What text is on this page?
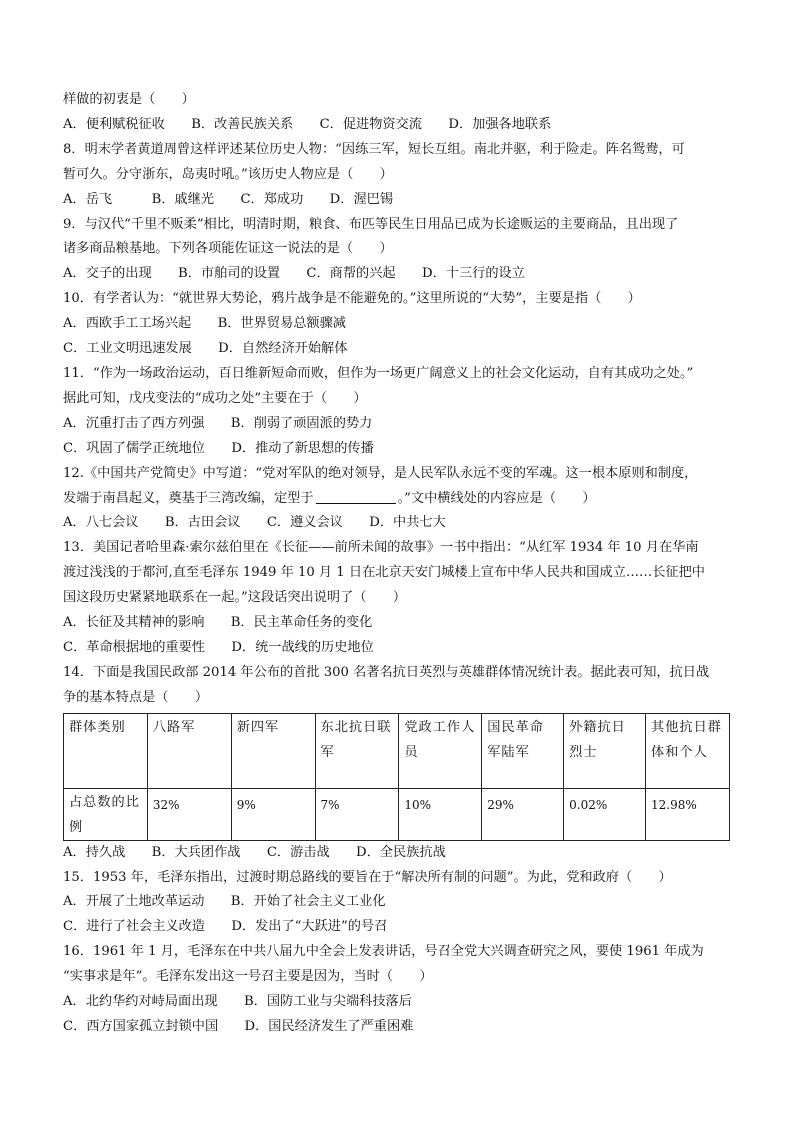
样做的初衷是（　　）
A．便利赋税征收　　B．改善民族关系　　C．促进物资交流　　D．加强各地联系
8．明末学者黄道周曾这样评述某位历史人物：“因练三军，短长互组。南北并驱，利于险走。阵名鸳鸯，可
暂可久。分守浙东，岛夷时吼。”该历史人物应是（　　）
A．岳飞　　　B．戚继光　　C．郑成功　　D．渥巴锡
9．与汉代“千里不贩柔”相比，明清时期，粮食、布匹等民生日用品已成为长途贩运的主要商品，且出现了
诸多商品粮基地。下列各项能佐证这一说法的是（　　）
A．交子的出现　　B．市舶司的设置　　C．商帮的兴起　　D．十三行的设立
10．有学者认为：“就世界大势论，鸦片战争是不能避免的。”这里所说的“大势”，主要是指（　　）
A．西欧手工工场兴起　　B．世界贸易总额骤减
C．工业文明迅速发展　　D．自然经济开始解体
11．“作为一场政治运动，百日维新短命而败，但作为一场更广阔意义上的社会文化运动，自有其成功之处。”
据此可知，戊戌变法的“成功之处”主要在于（　　）
A．沉重打击了西方列强　　B．削弱了顽固派的势力
C．巩固了儒学正统地位　　D．推动了新思想的传播
12.《中国共产党简史》中写道：“党对军队的绝对领导，是人民军队永远不变的军魂。这一根本原则和制度，
发端于南昌起义，奠基于三湾改编，定型于	。”文中横线处的内容应是（　　）
A．八七会议　　B．古田会议　　C．遵义会议　　D．中共七大
13．美国记者哈里森·索尔兹伯里在《长征——前所未闻的故事》一书中指出：“从红军 1934 年 10 月在华南
渡过浅浅的于都河,直至毛泽东 1949 年 10 月 1 日在北京天安门城楼上宣布中华人民共和国成立……长征把中
国这段历史紧紧地联系在一起。”这段话突出说明了（　　）
A．长征及其精神的影响　　B．民主革命任务的变化
C．革命根据地的重要性　　D．统一战线的历史地位
14．下面是我国民政部 2014 年公布的首批 300 名著名抗日英烈与英雄群体情况统计表。据此表可知，抗日战
争的基本特点是（　　）
群体类别	八路军	新四军	东北抗日联军	党政工作人员	国民革命军陆军	外籍抗日烈士	其他抗日群体和个人
占总数的比例	32%	9%	7%	10%	29%	0.02%	12.98%
A．持久战　　B．大兵团作战　　C．游击战　　D．全民族抗战
15．1953 年，毛泽东指出，过渡时期总路线的要旨在于“解决所有制的问题”。为此，党和政府（　　）
A．开展了土地改革运动　　B．开始了社会主义工业化
C．进行了社会主义改造　　D．发出了“大跃进”的号召
16．1961 年 1 月，毛泽东在中共八届九中全会上发表讲话，号召全党大兴调查研究之风，要使 1961 年成为
“实事求是年”。毛泽东发出这一号召主要是因为，当时（　　）
A．北约华约对峙局面出现　　B．国防工业与尖端科技落后
C．西方国家孤立封锁中国　　D．国民经济发生了严重困难
